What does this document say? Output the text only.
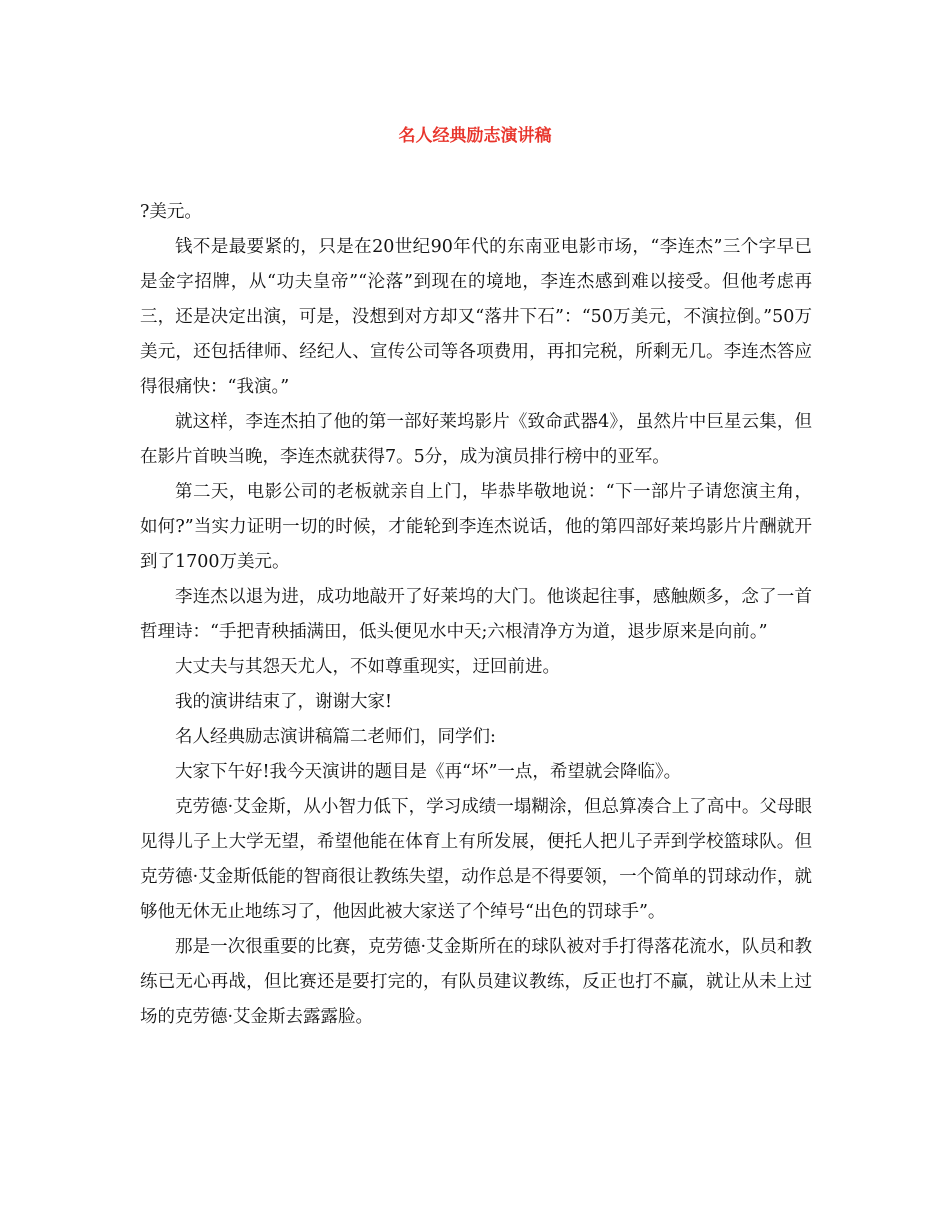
名人经典励志演讲稿

?美元。

钱不是最要紧的，只是在20世纪90年代的东南亚电影市场，“李连杰”三个字早已是金字招牌，从“功夫皇帝”“沦落”到现在的境地，李连杰感到难以接受。但他考虑再三，还是决定出演，可是，没想到对方却又“落井下石”：“50万美元，不演拉倒。”50万美元，还包括律师、经纪人、宣传公司等各项费用，再扣完税，所剩无几。李连杰答应得很痛快：“我演。”

就这样，李连杰拍了他的第一部好莱坞影片《致命武器4》，虽然片中巨星云集，但在影片首映当晚，李连杰就获得7。5分，成为演员排行榜中的亚军。

第二天，电影公司的老板就亲自上门，毕恭毕敬地说：“下一部片子请您演主角，如何?”当实力证明一切的时候，才能轮到李连杰说话，他的第四部好莱坞影片片酬就开到了1700万美元。

李连杰以退为进，成功地敲开了好莱坞的大门。他谈起往事，感触颇多，念了一首哲理诗：“手把青秧插满田，低头便见水中天;六根清净方为道，退步原来是向前。”

大丈夫与其怨天尤人，不如尊重现实，迂回前进。

我的演讲结束了，谢谢大家!

名人经典励志演讲稿篇二老师们，同学们:

大家下午好!我今天演讲的题目是《再“坏”一点，希望就会降临》。

克劳德·艾金斯，从小智力低下，学习成绩一塌糊涂，但总算凑合上了高中。父母眼见得儿子上大学无望，希望他能在体育上有所发展，便托人把儿子弄到学校篮球队。但克劳德·艾金斯低能的智商很让教练失望，动作总是不得要领，一个简单的罚球动作，就够他无休无止地练习了，他因此被大家送了个绰号“出色的罚球手”。

那是一次很重要的比赛，克劳德·艾金斯所在的球队被对手打得落花流水，队员和教练已无心再战，但比赛还是要打完的，有队员建议教练，反正也打不赢，就让从未上过场的克劳德·艾金斯去露露脸。
